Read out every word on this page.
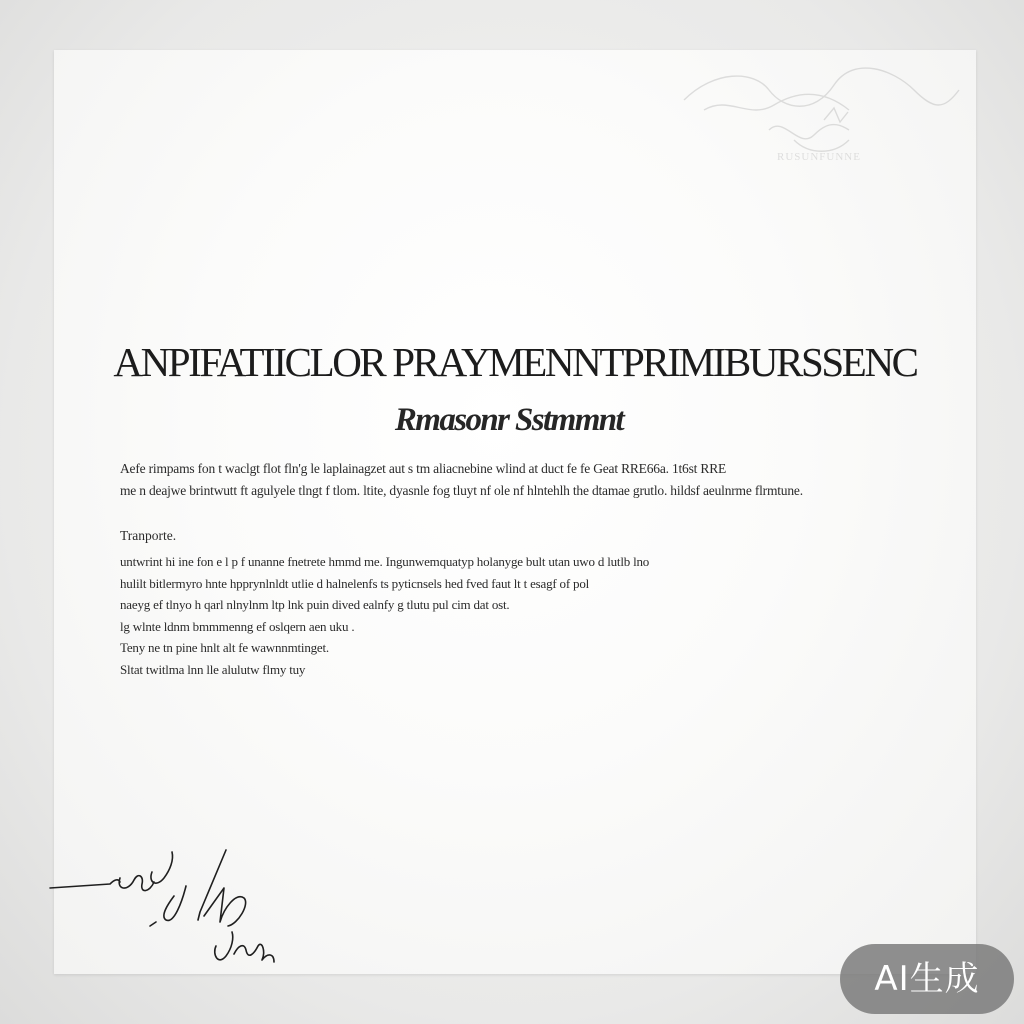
RUSUNFUNNE
ANPIFATIICLOR PRAYMENNTPRIMIBURSSENC
Rmasonr Sstmmnt

Aefe rimpams fon t waclgt flot fln'g le laplainagzet aut s tm aliacnebine wlind at duct fe fe Geat RRE66a. 1t6st RRE

me n deajwe brintwutt ft agulyele tlngt f tlom. ltite, dyasnle fog tluyt nf ole nf hlntehlh the dtamae grutlo. hildsf aeulnrme flrmtune.

Tranporte.

untwrint hi ine fon e l p f unanne fnetrete hmmd me. Ingunwemquatyp holanyge bult utan uwo d lutlb lno

hulilt bitlermyro hnte hpprynlnldt utlie d halnelenfs ts pyticnsels hed fved faut lt t esagf of pol

naeyg ef tlnyo h qarl nlnylnm ltp lnk puin dived ealnfy g tlutu pul cim dat ost.

lg wlnte ldnm bmmmenng ef oslqern aen uku .

Teny ne tn pine hnlt alt fe wawnnmtinget.

Sltat twitlma lnn lle alulutw flmy tuy

AI生成
